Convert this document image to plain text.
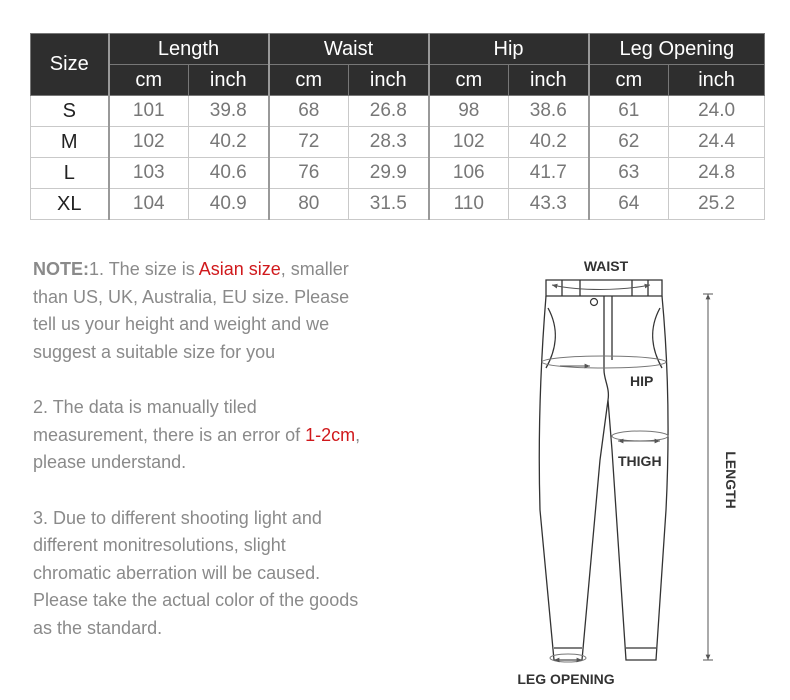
Size	Length		Waist		Hip		Leg Opening	
	cm	inch	cm	inch	cm	inch	cm	inch
S	101	39.8	68	26.8	98	38.6	61	24.0
M	102	40.2	72	28.3	102	40.2	62	24.4
L	103	40.6	76	29.9	106	41.7	63	24.8
XL	104	40.9	80	31.5	110	43.3	64	25.2

NOTE:1. The size is Asian size, smaller than US, UK, Australia, EU size. Please tell us your height and weight and we suggest a suitable size for you

2. The data is manually tiled measurement, there is an error of 1-2cm, please understand.

3. Due to different shooting light and different monitresolutions, slight chromatic aberration will be caused. Please take the actual color of the goods as the standard.

WAIST
HIP
THIGH	LENGTH
LEG OPENING
